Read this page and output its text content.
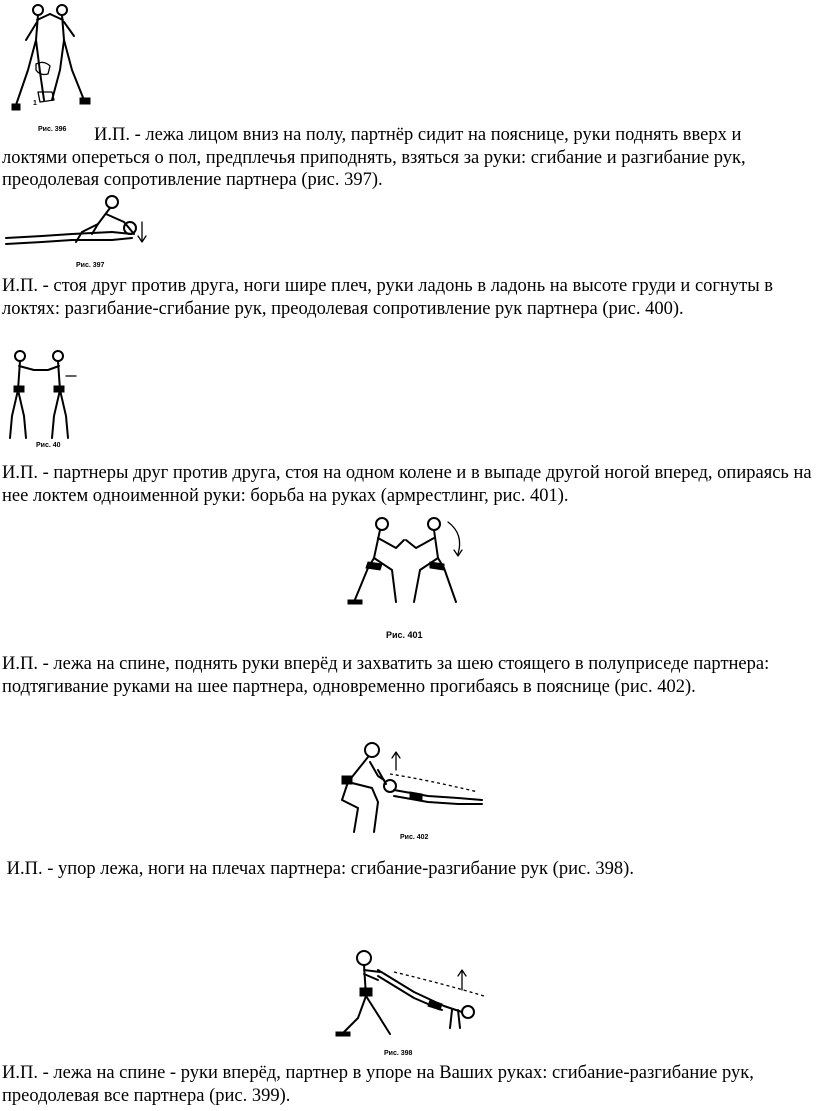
1
Рис. 396	И.П. - лежа лицом вниз на полу, партнёр сидит на пояснице, руки поднять вверх и
локтями опереться о пол, предплечья приподнять, взяться за руки: сгибание и разгибание рук, преодолевая сопротивление партнера (рис. 397).

Рис. 397

И.П. - стоя друг против друга, ноги шире плеч, руки ладонь в ладонь на высоте груди и согнуты в локтях: разгибание-сгибание рук, преодолевая сопротивление рук партнера (рис. 400).

Рис. 40

И.П. - партнеры друг против друга, стоя на одном колене и в выпаде другой ногой вперед, опираясь на нее локтем одноименной руки: борьба на руках (армрестлинг, рис. 401).

Рис. 401

И.П. - лежа на спине, поднять руки вперёд и захватить за шею стоящего в полуприседе партнера: подтягивание руками на шее партнера, одновременно прогибаясь в пояснице (рис. 402).

Рис. 402

И.П. - упор лежа, ноги на плечах партнера: сгибание-разгибание рук (рис. 398).

Рис. 398

И.П. - лежа на спине - руки вперёд, партнер в упоре на Ваших руках: сгибание-разгибание рук, преодолевая все партнера (рис. 399).
